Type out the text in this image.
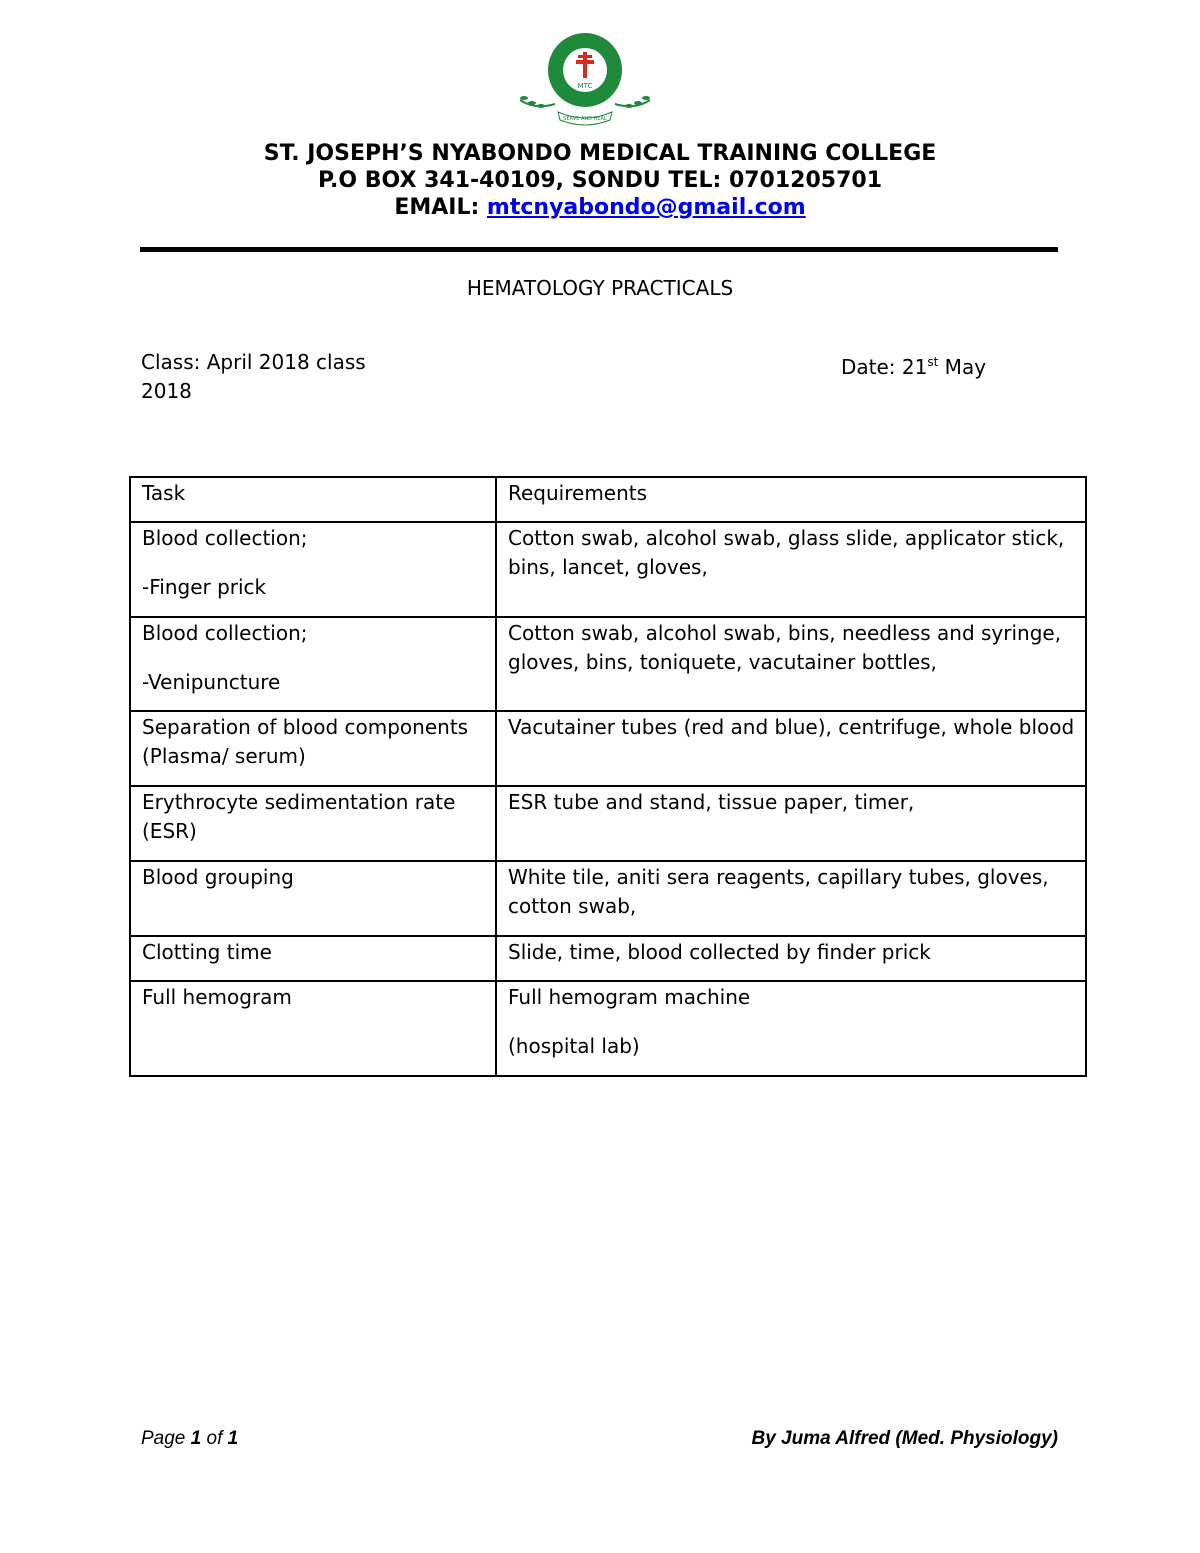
MTC
SERVE AND HEAL
ST. JOSEPH’S NYABONDO MEDICAL TRAINING COLLEGE
P.O BOX 341-40109, SONDU TEL: 0701205701
EMAIL: mtcnyabondo@gmail.com
HEMATOLOGY PRACTICALS
Class: April 2018 class	Date: 21st May
2018
Task	Requirements

Blood collection;

-Finger prick	Cotton swab, alcohol swab, glass slide, applicator stick, bins, lancet, gloves,

Blood collection;

-Venipuncture	Cotton swab, alcohol swab, bins, needless and syringe, gloves, bins, toniquete, vacutainer bottles,

Separation of blood components (Plasma/ serum)	Vacutainer tubes (red and blue), centrifuge, whole blood

Erythrocyte sedimentation rate (ESR)	ESR tube and stand, tissue paper, timer,

Blood grouping	White tile, aniti sera reagents, capillary tubes, gloves, cotton swab,

Clotting time	Slide, time, blood collected by finder prick

Full hemogram	Full hemogram machine

(hospital lab)

Page 1 of 1	By Juma Alfred (Med. Physiology)
